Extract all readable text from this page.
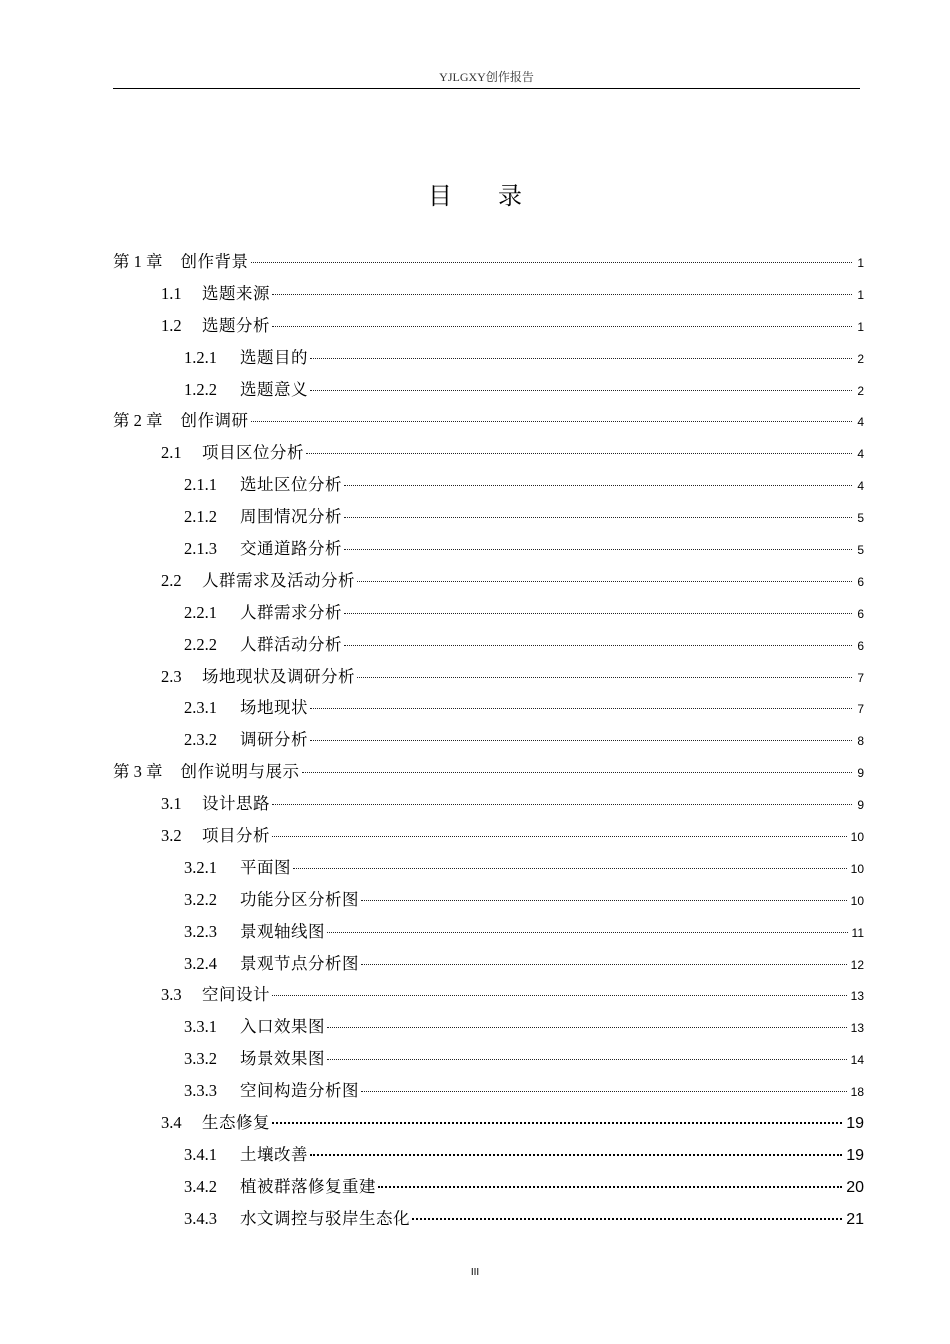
YJLGXY创作报告
目录
第 1 章 创作背景	1
1.1	选题来源	1
1.2	选题分析	1
1.2.1	选题目的	2
1.2.2	选题意义	2
第 2 章 创作调研	4
2.1	项目区位分析	4
2.1.1	选址区位分析	4
2.1.2	周围情况分析	5
2.1.3	交通道路分析	5
2.2	人群需求及活动分析	6
2.2.1	人群需求分析	6
2.2.2	人群活动分析	6
2.3	场地现状及调研分析	7
2.3.1	场地现状	7
2.3.2	调研分析	8
第 3 章 创作说明与展示	9
3.1	设计思路	9
3.2	项目分析	10
3.2.1	平面图	10
3.2.2	功能分区分析图	10
3.2.3	景观轴线图	11
3.2.4	景观节点分析图	12
3.3	空间设计	13
3.3.1	入口效果图	13
3.3.2	场景效果图	14
3.3.3	空间构造分析图	18
3.4	生态修复	19
3.4.1	土壤改善	19
3.4.2	植被群落修复重建	20
3.4.3	水文调控与驳岸生态化	21
III
